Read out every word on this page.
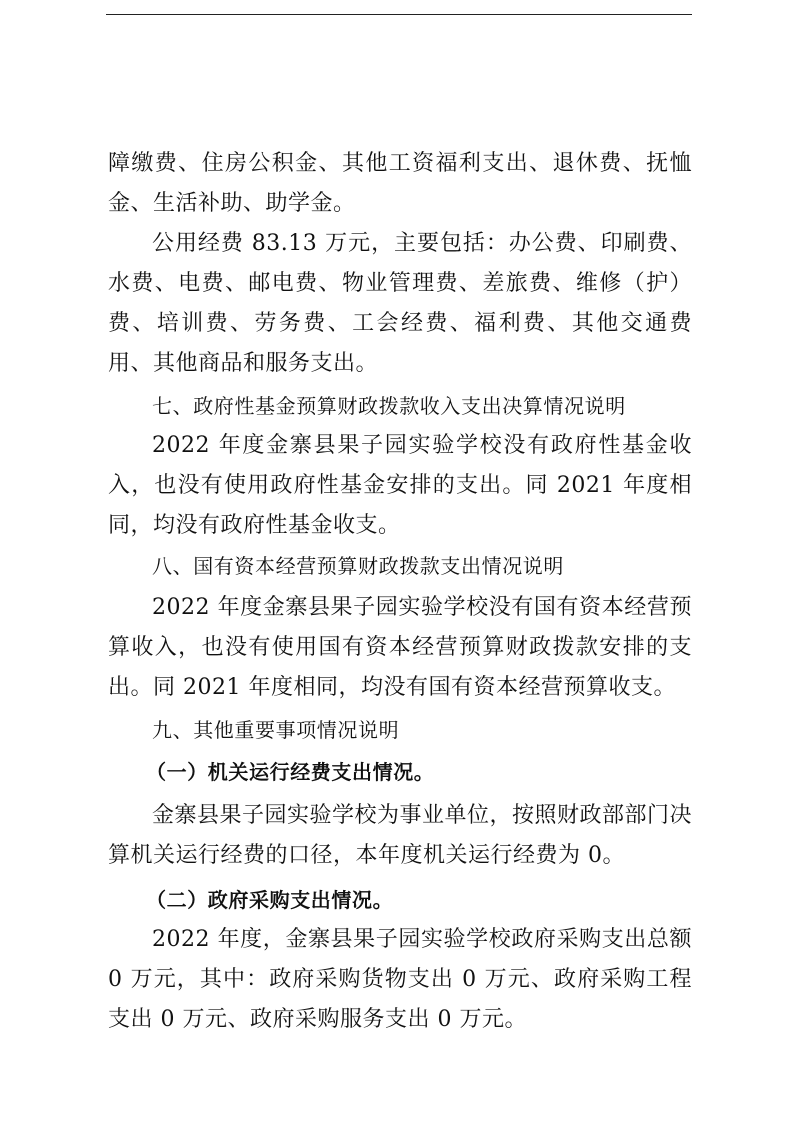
障缴费、住房公积金、其他工资福利支出、退休费、抚恤金、生活补助、助学金。

公用经费 83.13 万元，主要包括：办公费、印刷费、水费、电费、邮电费、物业管理费、差旅费、维修（护）费、培训费、劳务费、工会经费、福利费、其他交通费用、其他商品和服务支出。

七、政府性基金预算财政拨款收入支出决算情况说明

2022 年度金寨县果子园实验学校没有政府性基金收入，也没有使用政府性基金安排的支出。同 2021 年度相同，均没有政府性基金收支。

八、国有资本经营预算财政拨款支出情况说明

2022 年度金寨县果子园实验学校没有国有资本经营预算收入，也没有使用国有资本经营预算财政拨款安排的支出。同 2021 年度相同，均没有国有资本经营预算收支。

九、其他重要事项情况说明

（一）机关运行经费支出情况。

金寨县果子园实验学校为事业单位，按照财政部部门决算机关运行经费的口径，本年度机关运行经费为 0。

（二）政府采购支出情况。

2022 年度，金寨县果子园实验学校政府采购支出总额 0 万元，其中：政府采购货物支出 0 万元、政府采购工程支出 0 万元、政府采购服务支出 0 万元。
